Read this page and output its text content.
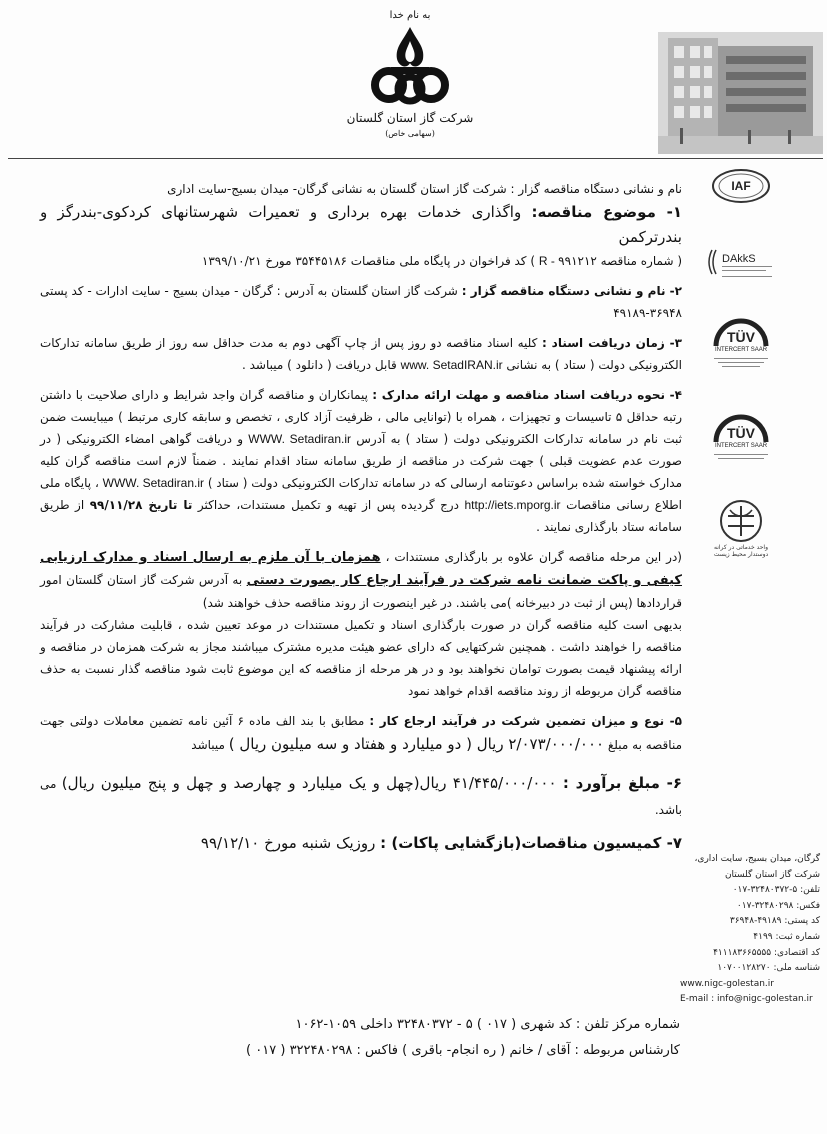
به نام خدا
شرکت گاز استان گلستان
(سهامی خاص)
IAF
DAkkS
TÜV
INTERCERT SAAR
TÜV
INTERCERT SAAR
واحد خدماتی در کرانه دوستدار محیط زیست
گرگان، میدان بسیج، سایت اداری،
شرکت گاز استان گلستان
تلفن: ۵-۳۲۴۸۰۳۷۲-۰۱۷
فکس: ۳۲۴۸۰۲۹۸-۰۱۷
کد پستی: ۴۹۱۸۹-۳۶۹۴۸
شماره ثبت: ۴۱۹۹
کد اقتصادی: ۴۱۱۱۸۳۶۶۵۵۵۵
شناسه ملی: ۱۰۷۰۰۱۲۸۲۷۰
www.nigc-golestan.ir
E-mail : info@nigc-golestan.ir

نام و نشانی دستگاه مناقصه گزار : شرکت گاز استان گلستان به نشانی گرگان- میدان بسیج-سایت اداری

۱- موضوع مناقصه: واگذاری خدمات بهره برداری و تعمیرات شهرستانهای کردکوی-بندرگز و بندرترکمن

( شماره مناقصه R - ۹۹۱۲۱۲ ) کد فراخوان در پایگاه ملی مناقصات ۳۵۴۴۵۱۸۶ مورخ ۱۳۹۹/۱۰/۲۱

۲- نام و نشانی دستگاه مناقصه گزار : شرکت گاز استان گلستان به آدرس : گرگان - میدان بسیج - سایت ادارات - کد پستی ۳۶۹۴۸-۴۹۱۸۹

۳- زمان دریافت اسناد : کلیه اسناد مناقصه دو روز پس از چاپ آگهی دوم به مدت حداقل سه روز از طریق سامانه تدارکات الکترونیکی دولت ( ستاد ) به نشانی www. SetadIRAN.ir قابل دریافت ( دانلود ) میباشد .

۴- نحوه دریافت اسناد مناقصه و مهلت ارائه مدارک : پیمانکاران و مناقصه گران واجد شرایط و دارای صلاحیت با داشتن رتبه حداقل ۵ تاسیسات و تجهیزات ، همراه با (توانایی مالی ، ظرفیت آزاد کاری ، تخصص و سابقه کاری مرتبط ) میبایست ضمن ثبت نام در سامانه تدارکات الکترونیکی دولت ( ستاد ) به آدرس WWW. Setadiran.ir و دریافت گواهی امضاء الکترونیکی ( در صورت عدم عضویت قبلی ) جهت شرکت در مناقصه از طریق سامانه ستاد اقدام نمایند . ضمناً لازم است مناقصه گران کلیه مدارک خواسته شده براساس دعوتنامه ارسالی که در سامانه تدارکات الکترونیکی دولت ( ستاد ) WWW. Setadiran.ir ، پایگاه ملی اطلاع رسانی مناقصات http://iets.mporg.ir درج گردیده پس از تهیه و تکمیل مستندات، حداکثر تا تاریخ ۹۹/۱۱/۲۸ از طریق سامانه ستاد بارگذاری نمایند .

(در این مرحله مناقصه گران علاوه بر بارگذاری مستندات ، همزمان با آن ملزم به ارسال اسناد و مدارک ارزیابی کیفی و پاکت ضمانت نامه شرکت در فرآیند ارجاع کار بصورت دستی به آدرس شرکت گاز استان گلستان امور قراردادها (پس از ثبت در دبیرخانه )می باشند. در غیر اینصورت از روند مناقصه حذف خواهند شد)

بدیهی است کلیه مناقصه گران در صورت بارگذاری اسناد و تکمیل مستندات در موعد تعیین شده ، قابلیت مشارکت در فرآیند مناقصه را خواهند داشت . همچنین شرکتهایی که دارای عضو هیئت مدیره مشترک میباشند مجاز به شرکت همزمان در مناقصه و ارائه پیشنهاد قیمت بصورت توامان نخواهند بود و در هر مرحله از مناقصه که این موضوع ثابت شود مناقصه گذار نسبت به حذف مناقصه گران مربوطه از روند مناقصه اقدام خواهد نمود

۵- نوع و میزان تضمین شرکت در فرآیند ارجاع کار : مطابق با بند الف ماده ۶ آئین نامه تضمین معاملات دولتی جهت مناقصه به مبلغ ۲/۰۷۳/۰۰۰/۰۰۰ ریال ( دو میلیارد و هفتاد و سه میلیون ریال ) میباشد

۶- مبلغ برآورد : ۴۱/۴۴۵/۰۰۰/۰۰۰ ریال(چهل و یک میلیارد و چهارصد و چهل و پنج میلیون ریال) می باشد.

۷- کمیسیون مناقصات(بازگشایی پاکات) : روزیک شنبه مورخ ۹۹/۱۲/۱۰

شماره مرکز تلفن : کد شهری ( ۰۱۷ ) ۵ - ۳۲۴۸۰۳۷۲ داخلی ۱۰۵۹-۱۰۶۲
کارشناس مربوطه : آقای / خانم ( ره انجام- باقری ) فاکس : ۳۲۲۴۸۰۲۹۸ ( ۰۱۷ )
